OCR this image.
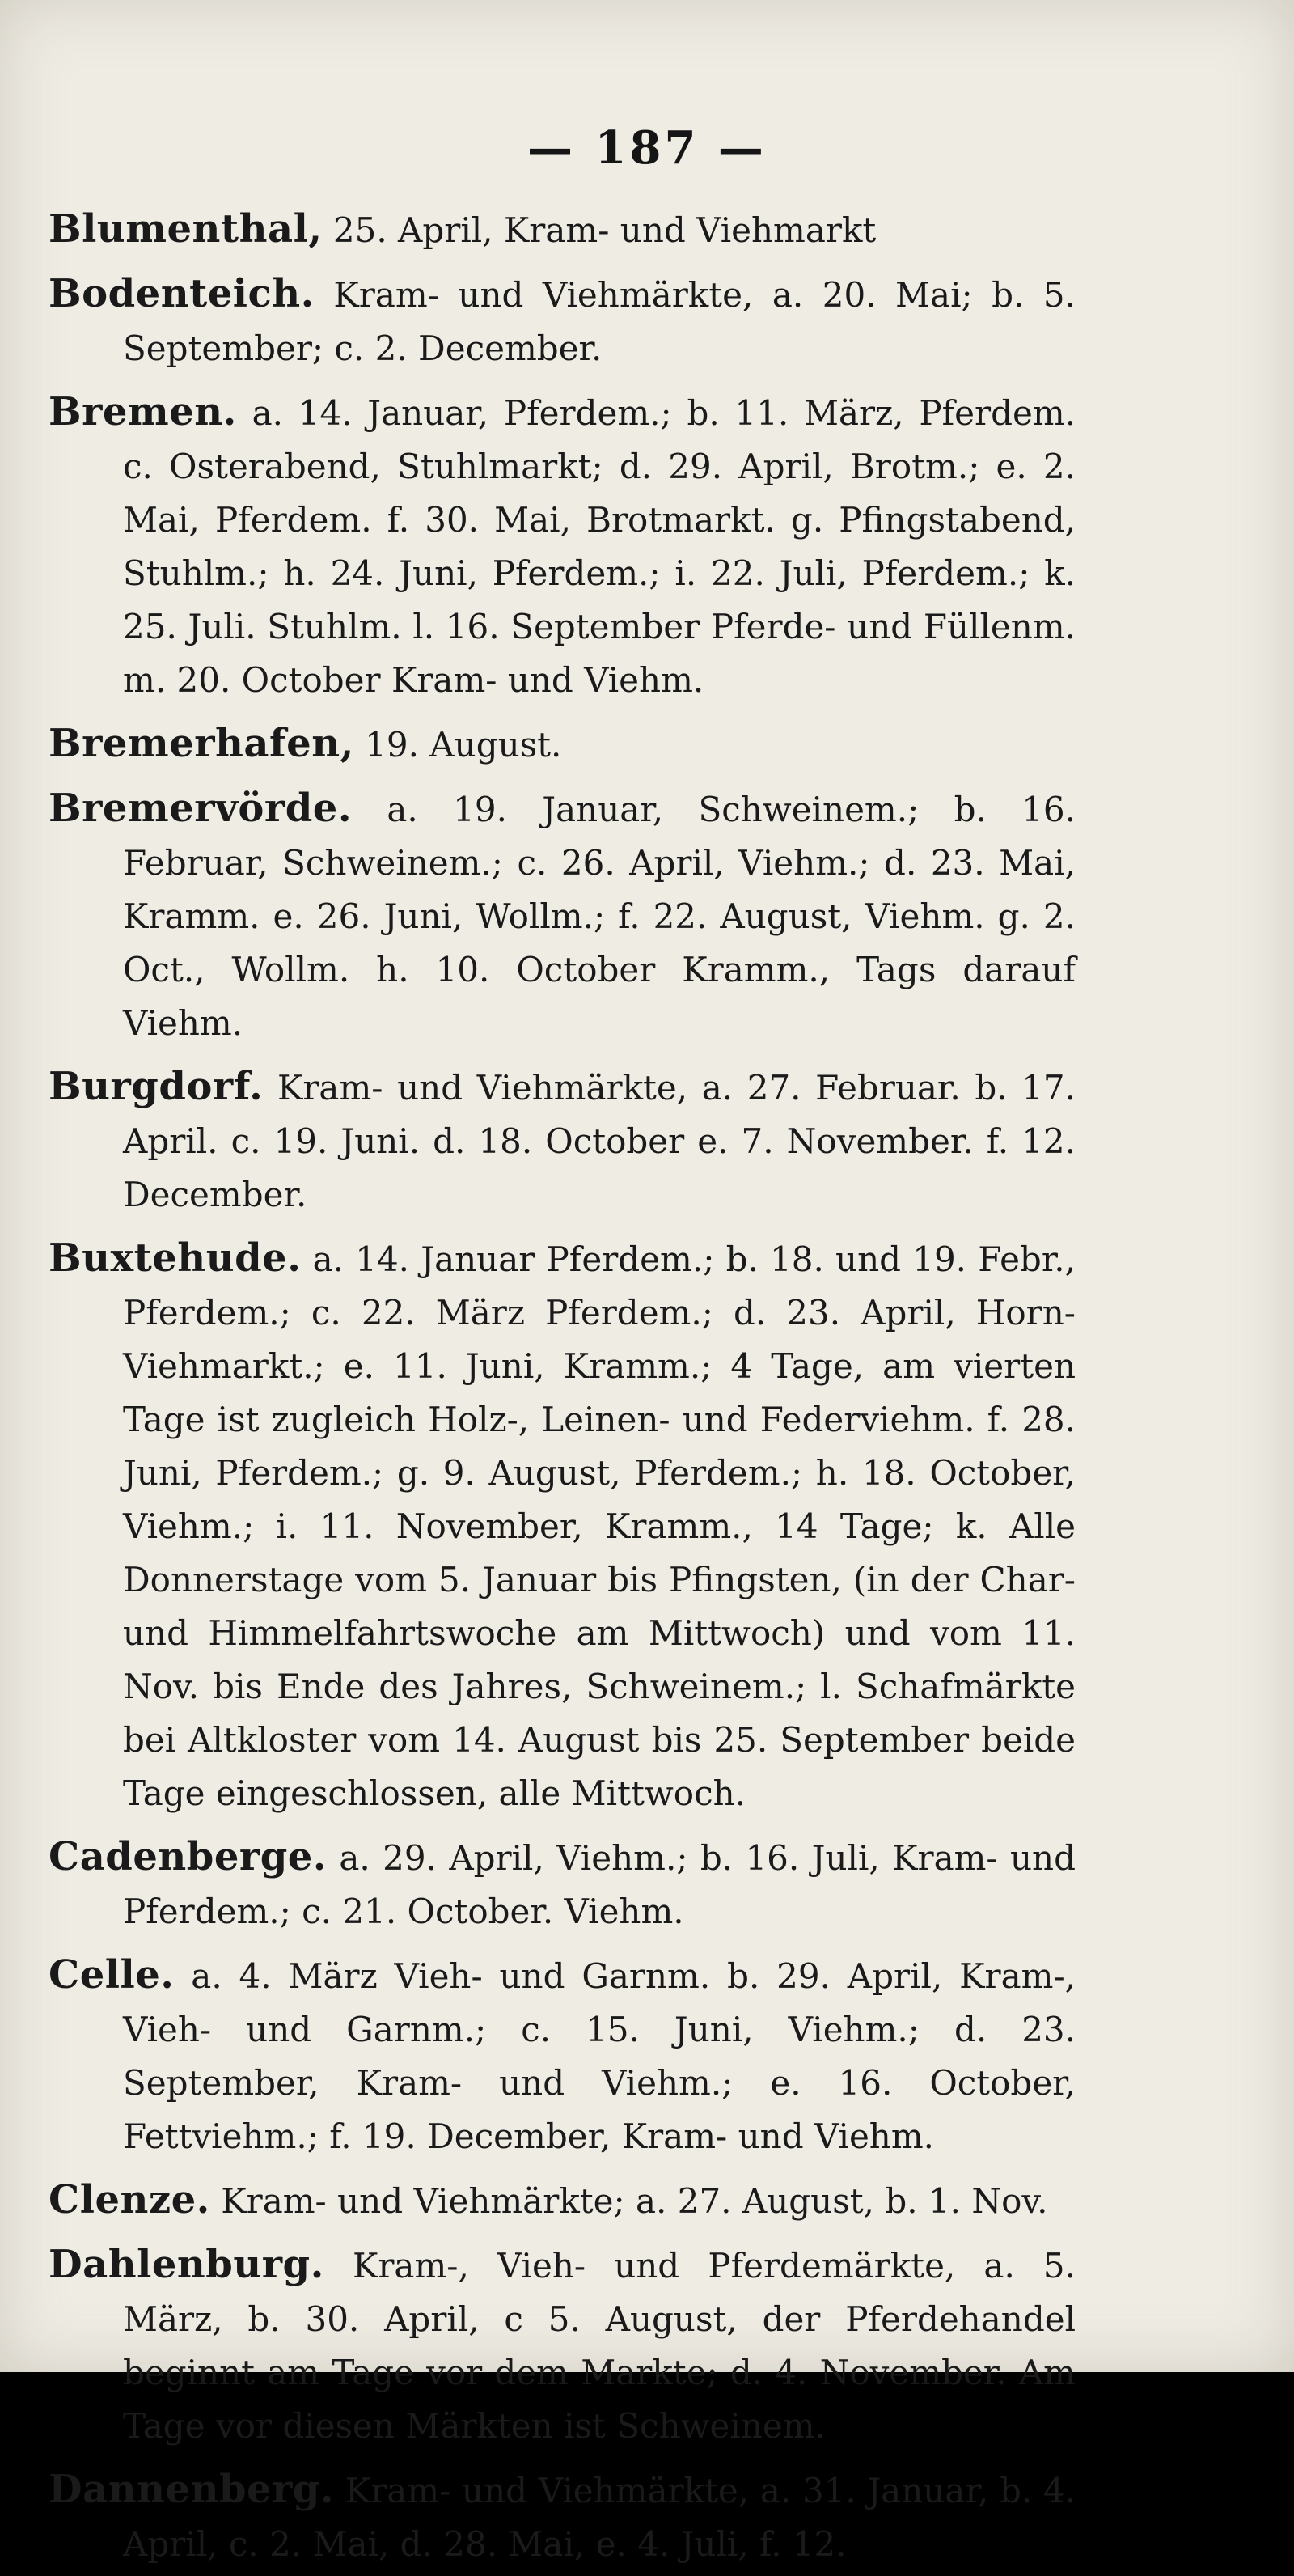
— 187 —

Blumenthal, 25. April, Kram- und Viehmarkt

Bodenteich. Kram- und Viehmärkte, a. 20. Mai; b. 5. September; c. 2. December.

Bremen. a. 14. Januar, Pferdem.; b. 11. März, Pferdem. c. Osterabend, Stuhlmarkt; d. 29. April, Brotm.; e. 2. Mai, Pferdem. f. 30. Mai, Brotmarkt. g. Pfingstabend, Stuhlm.; h. 24. Juni, Pferdem.; i. 22. Juli, Pferdem.; k. 25. Juli. Stuhlm. l. 16. September Pferde- und Füllenm. m. 20. October Kram- und Viehm.

Bremerhafen, 19. August.

Bremervörde. a. 19. Januar, Schweinem.; b. 16. Februar, Schweinem.; c. 26. April, Viehm.; d. 23. Mai, Kramm. e. 26. Juni, Wollm.; f. 22. August, Viehm. g. 2. Oct., Wollm. h. 10. October Kramm., Tags darauf Viehm.

Burgdorf. Kram- und Viehmärkte, a. 27. Februar. b. 17. April. c. 19. Juni. d. 18. October e. 7. November. f. 12. December.

Buxtehude. a. 14. Januar Pferdem.; b. 18. und 19. Febr., Pferdem.; c. 22. März Pferdem.; d. 23. April, Horn-Viehmarkt.; e. 11. Juni, Kramm.; 4 Tage, am vierten Tage ist zugleich Holz-, Leinen- und Federviehm. f. 28. Juni, Pferdem.; g. 9. August, Pferdem.; h. 18. October, Viehm.; i. 11. November, Kramm., 14 Tage; k. Alle Donnerstage vom 5. Januar bis Pfingsten, (in der Char- und Himmelfahrtswoche am Mittwoch) und vom 11. Nov. bis Ende des Jahres, Schweinem.; l. Schafmärkte bei Altkloster vom 14. August bis 25. September beide Tage eingeschlossen, alle Mittwoch.

Cadenberge. a. 29. April, Viehm.; b. 16. Juli, Kram- und Pferdem.; c. 21. October. Viehm.

Celle. a. 4. März Vieh- und Garnm. b. 29. April, Kram-, Vieh- und Garnm.; c. 15. Juni, Viehm.; d. 23. September, Kram- und Viehm.; e. 16. October, Fettviehm.; f. 19. December, Kram- und Viehm.

Clenze. Kram- und Viehmärkte; a. 27. August, b. 1. Nov.

Dahlenburg. Kram-, Vieh- und Pferdemärkte, a. 5. März, b. 30. April, c 5. August, der Pferdehandel beginnt am Tage vor dem Markte; d. 4. November. Am Tage vor diesen Märkten ist Schweinem.

Dannenberg. Kram- und Viehmärkte, a. 31. Januar, b. 4. April, c. 2. Mai, d. 28. Mai, e. 4. Juli, f. 12.
